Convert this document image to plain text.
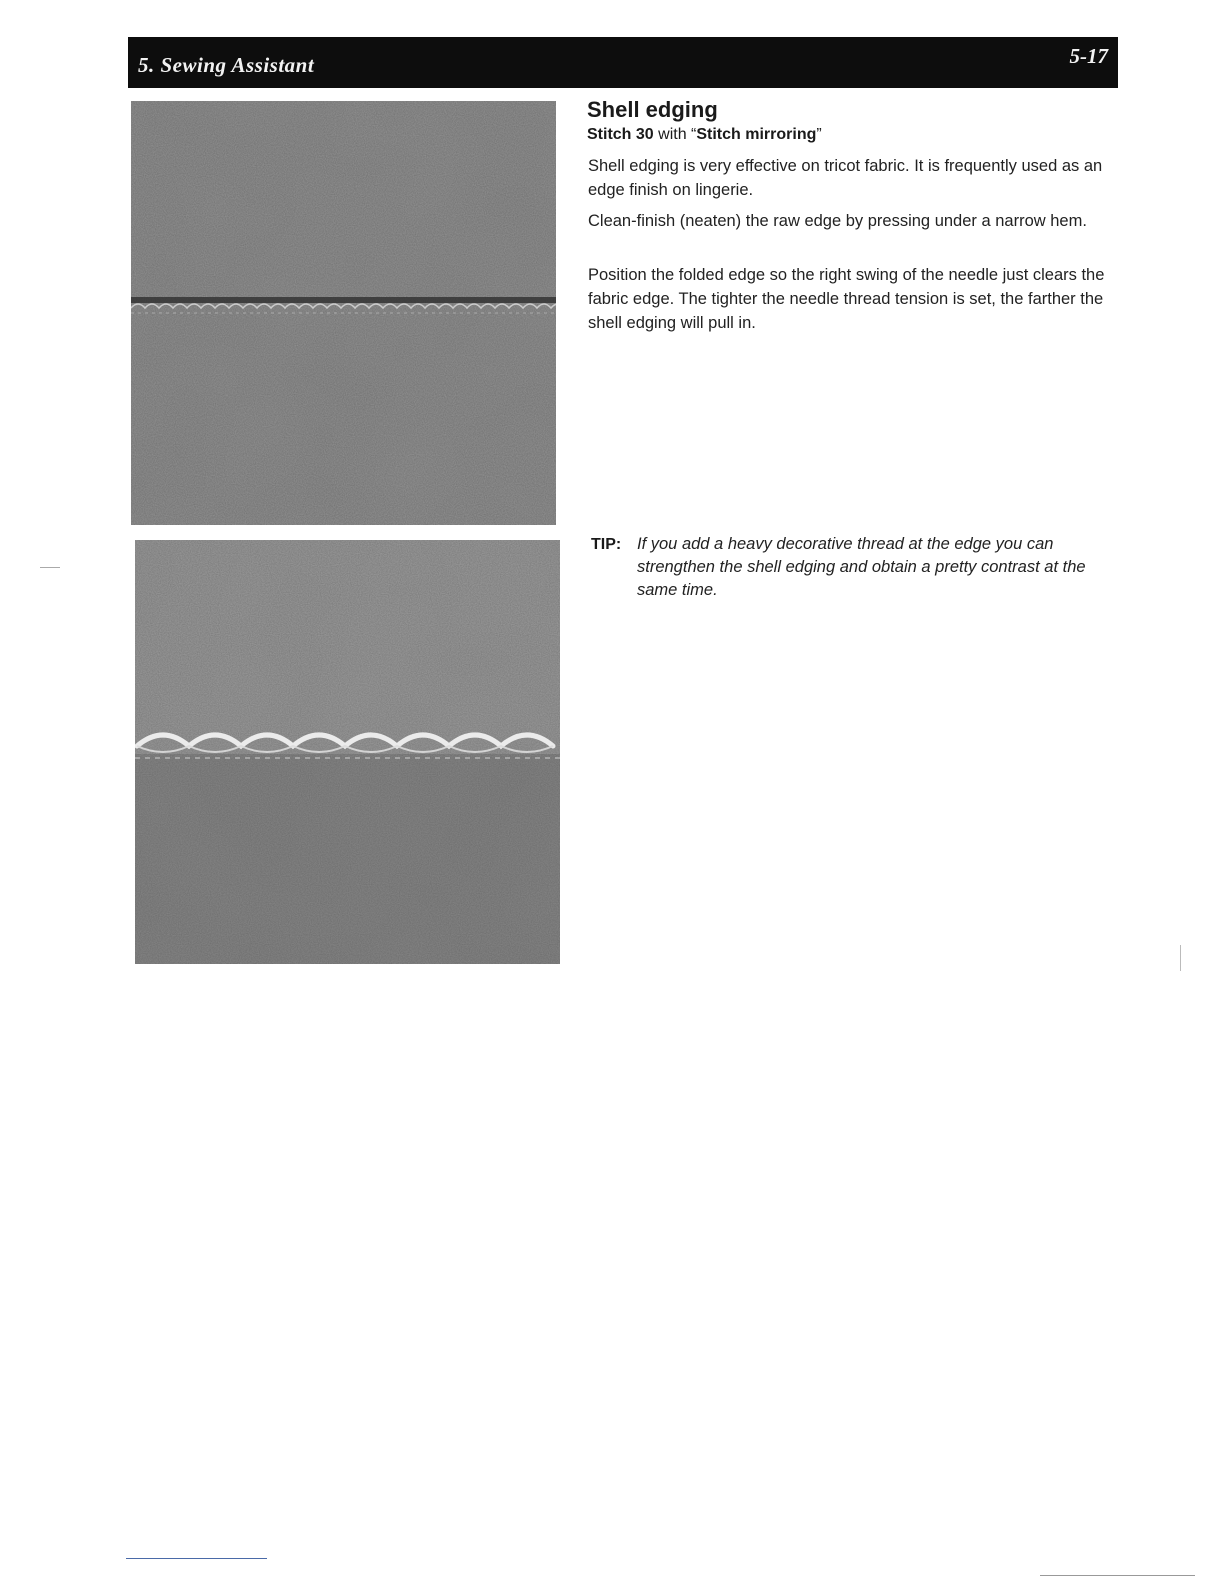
5. Sewing Assistant	5-17
Shell edging

Stitch 30 with “Stitch mirroring”

Shell edging is very effective on tricot fabric. It is frequently used as an edge finish on lingerie.

Clean-finish (neaten) the raw edge by pressing under a narrow hem.

Position the folded edge so the right swing of the needle just clears the fabric edge. The tighter the needle thread tension is set, the farther the shell edging will pull in.

TIP: If you add a heavy decorative thread at the edge you can strengthen the shell edging and obtain a pretty contrast at the same time.
